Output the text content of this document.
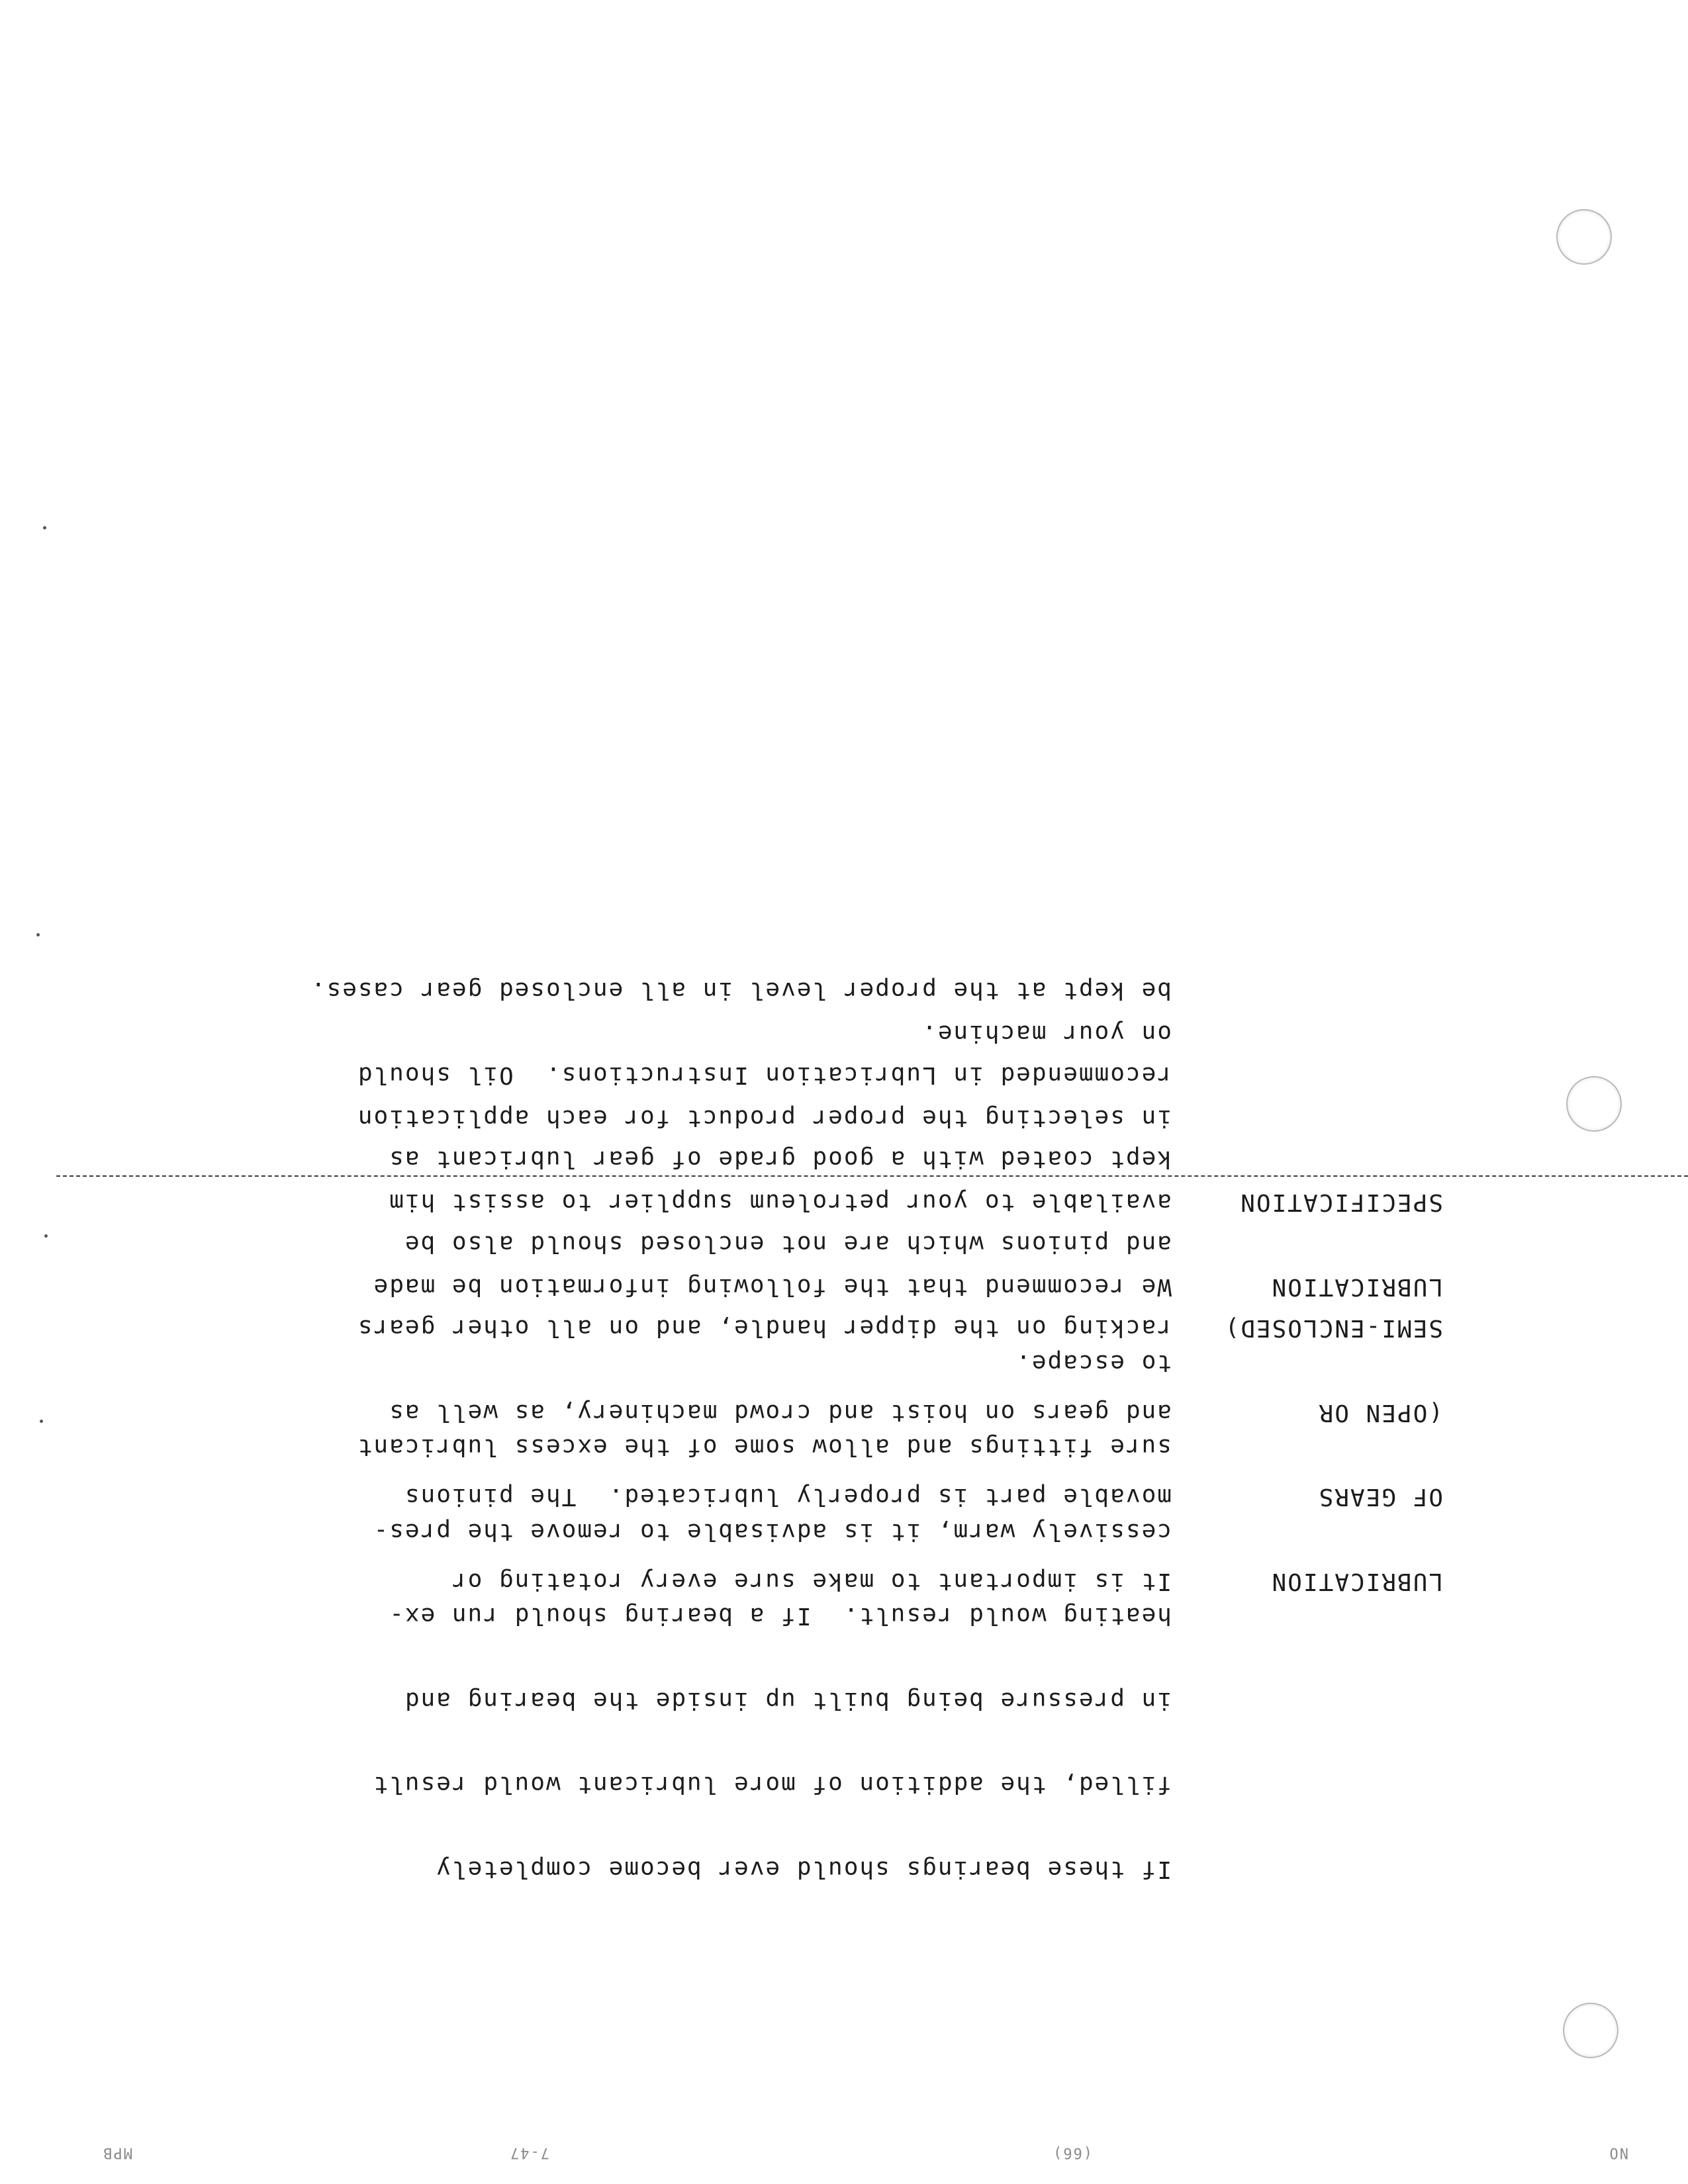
If these bearings should ever become completely

filled, the addition of more lubricant would result

in pressure being built up inside the bearing and

heating would result.  If a bearing should run ex-

cessively warm, it is advisable to remove the pres-

sure fittings and allow some of the excess lubricant

to escape.

LUBRICATION

OF GEARS

(OPEN OR

SEMI-ENCLOSED)

It is important to make sure every rotating or

movable part is properly lubricated.  The pinions

and gears on hoist and crowd machinery, as well as

racking on the dipper handle, and on all other gears

and pinions which are not enclosed should also be

kept coated with a good grade of gear lubricant as

recommended in Lubrication Instructions.  Oil should

be kept at the proper level in all enclosed gear cases.

LUBRICATION

SPECIFICATION

We recommend that the following information be made

available to your petroleum supplier to assist him

in selecting the proper product for each application

on your machine.

NO
(66)
7-47
MPB
